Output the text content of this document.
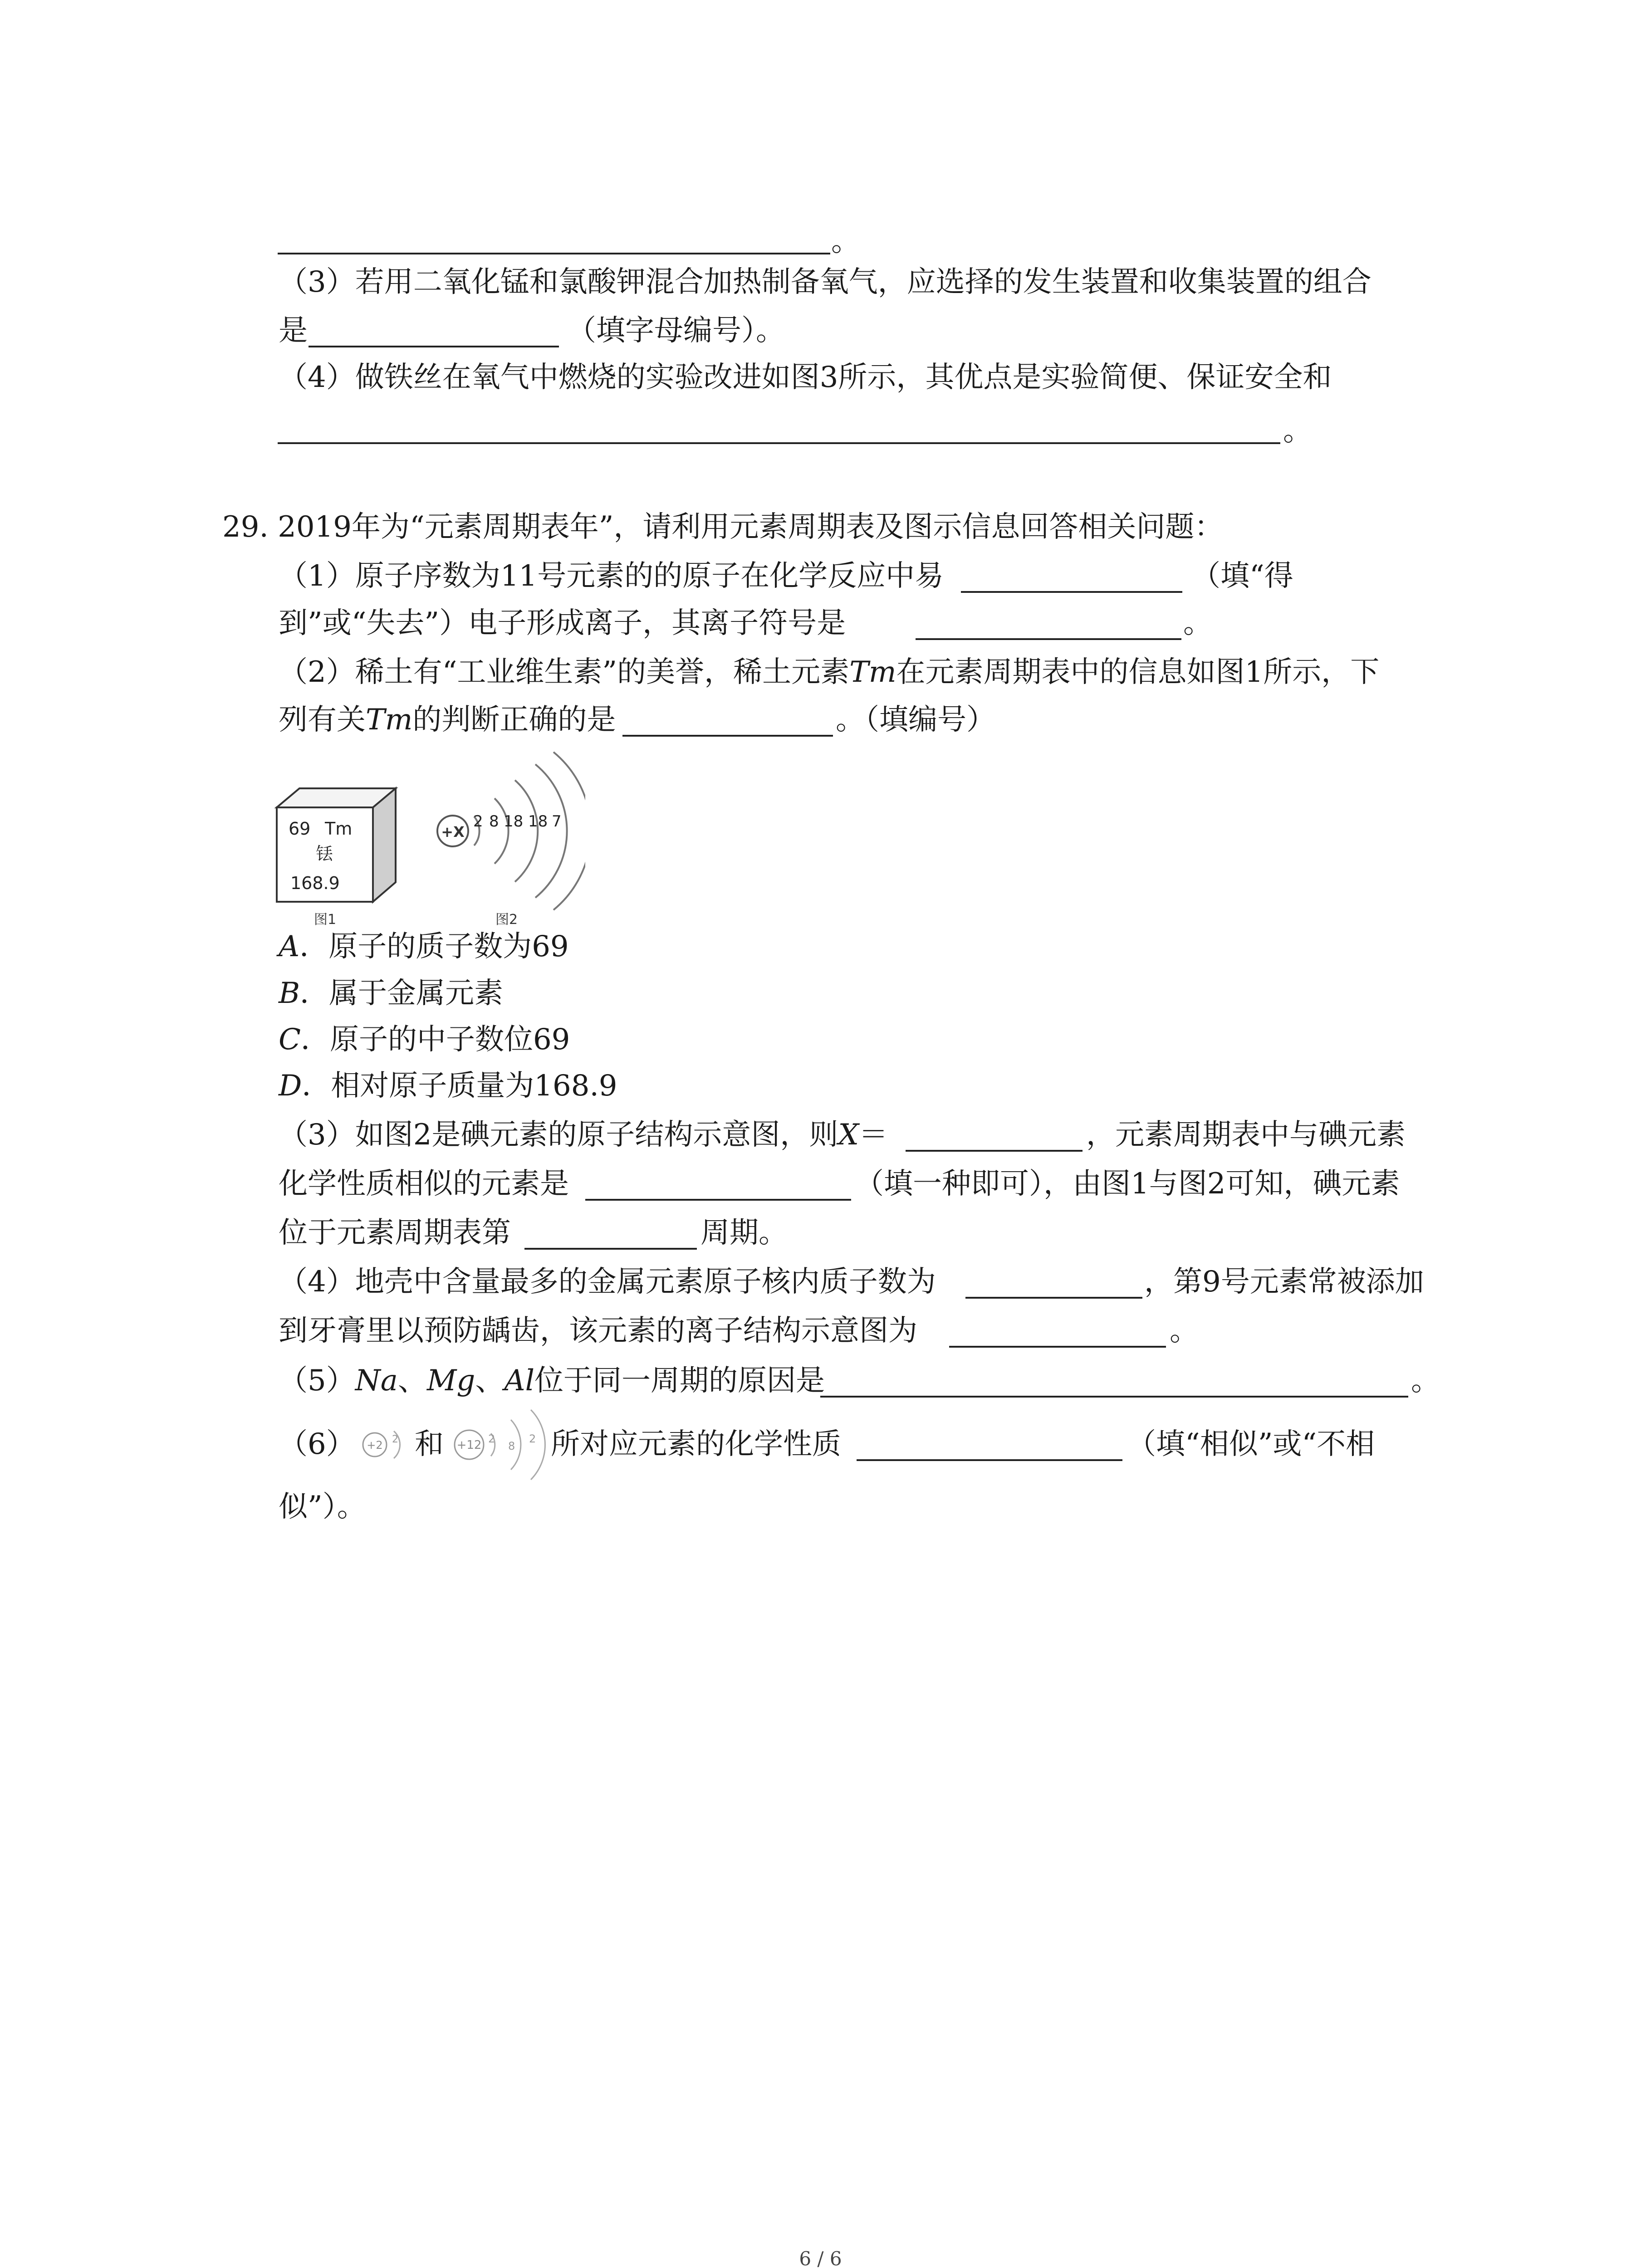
。
（3）若用二氧化锰和氯酸钾混合加热制备氧气，应选择的发生装置和收集装置的组合
是	（填字母编号）。
（4）做铁丝在氧气中燃烧的实验改进如图3所示，其优点是实验简便、保证安全和
。
29. 2019年为“元素周期表年”，请利用元素周期表及图示信息回答相关问题：
（1）原子序数为11号元素的的原子在化学反应中易	（填“得
到”或“失去”）电子形成离子，其离子符号是	。
（2）稀土有“工业维生素”的美誉，稀土元素Tm在元素周期表中的信息如图1所示，下
列有关Tm的判断正确的是	。（填编号）
69 Tm
铥
168.9
图1
+X
2 8 18 18 7
图2
A．原子的质子数为69
B．属于金属元素
C．原子的中子数位69
D．相对原子质量为168.9
（3）如图2是碘元素的原子结构示意图，则X＝	，元素周期表中与碘元素
化学性质相似的元素是	（填一种即可），由图1与图2可知，碘元素
位于元素周期表第	周期。
（4）地壳中含量最多的金属元素原子核内质子数为	，第9号元素常被添加
到牙膏里以预防龋齿，该元素的离子结构示意图为	。
（5）Na、Mg、Al位于同一周期的原因是	。
（6） +2 2 和 +12 2
8
2 所对应元素的化学性质	（填“相似”或“不相
似”）。
6 / 6
